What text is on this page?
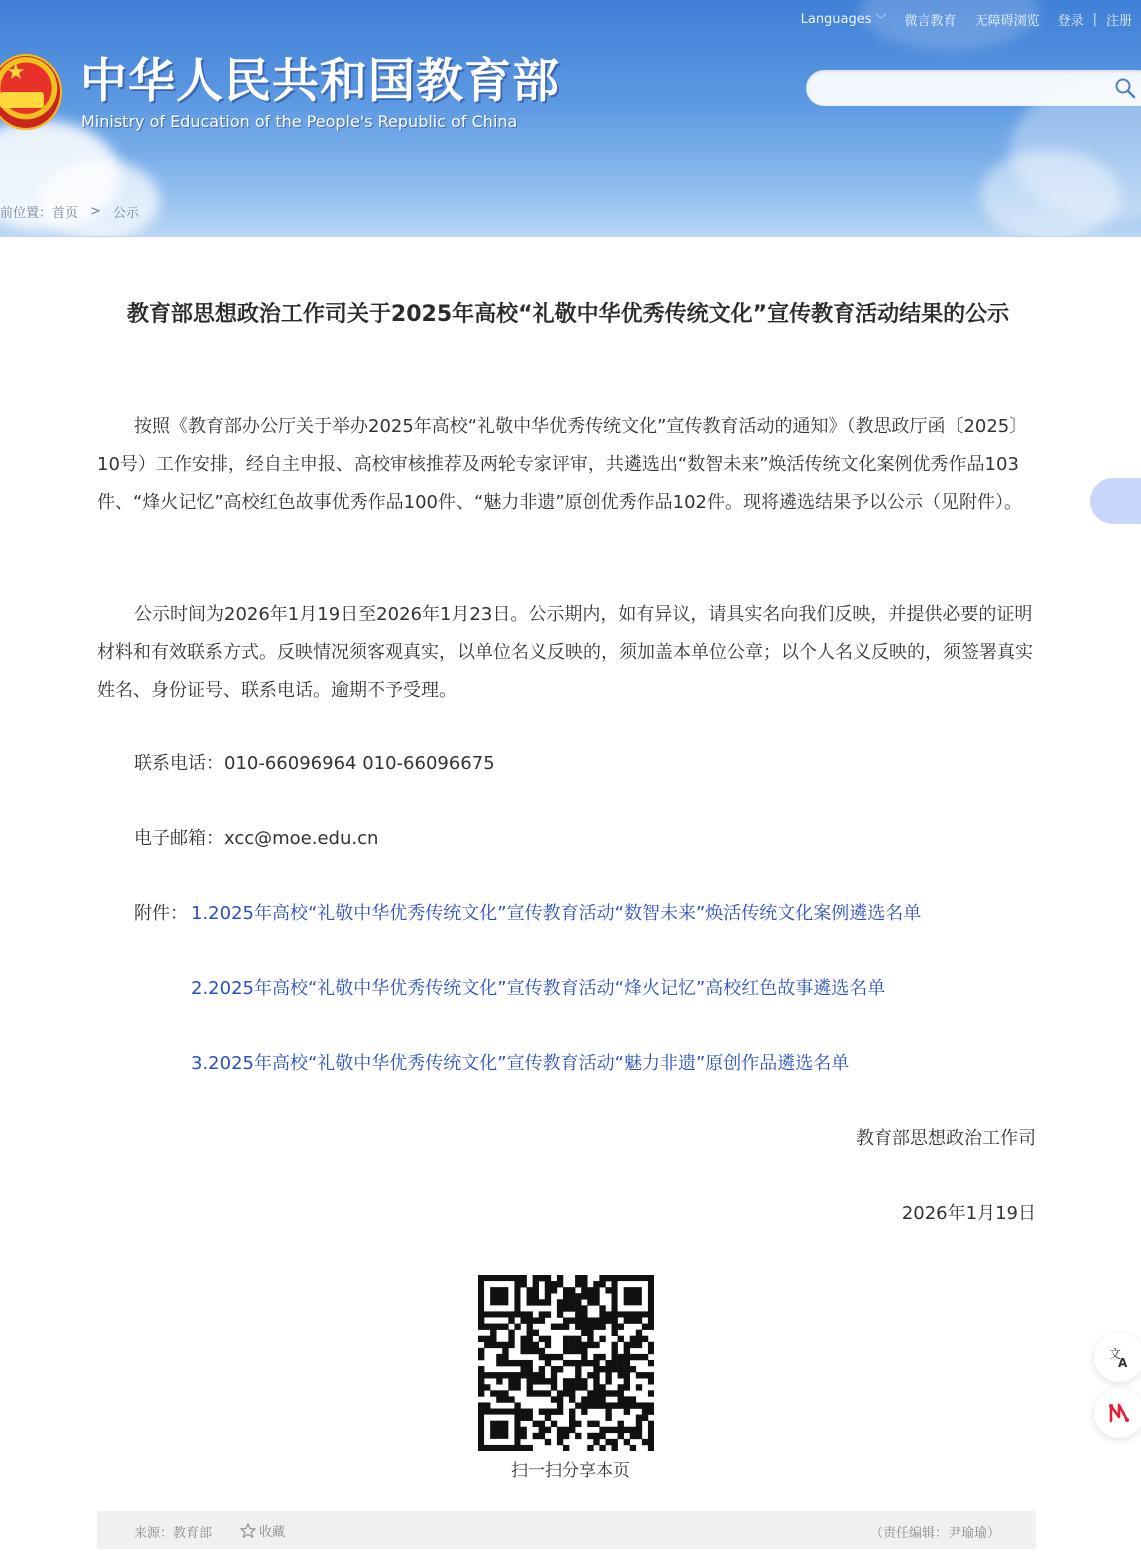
★ 中华人民共和国教育部
Ministry of Education of the People's Republic of China
Languages ﹀ 微言教育 无障碍浏览 登录 | 注册
前位置： 首页 > 公示
教育部思想政治工作司关于2025年高校“礼敬中华优秀传统文化”宣传教育活动结果的公示

按照《教育部办公厅关于举办2025年高校“礼敬中华优秀传统文化”宣传教育活动的通知》（教思政厅函〔2025〕10号）工作安排，经自主申报、高校审核推荐及两轮专家评审，共遴选出“数智未来”焕活传统文化案例优秀作品103件、“烽火记忆”高校红色故事优秀作品100件、“魅力非遗”原创优秀作品102件。现将遴选结果予以公示（见附件）。

公示时间为2026年1月19日至2026年1月23日。公示期内，如有异议，请具实名向我们反映，并提供必要的证明材料和有效联系方式。反映情况须客观真实，以单位名义反映的，须加盖本单位公章；以个人名义反映的，须签署真实姓名、身份证号、联系电话。逾期不予受理。

联系电话：010-66096964 010-66096675
电子邮箱：xcc@moe.edu.cn
附件： 1.2025年高校“礼敬中华优秀传统文化”宣传教育活动“数智未来”焕活传统文化案例遴选名单
2.2025年高校“礼敬中华优秀传统文化”宣传教育活动“烽火记忆”高校红色故事遴选名单
3.2025年高校“礼敬中华优秀传统文化”宣传教育活动“魅力非遗”原创作品遴选名单
教育部思想政治工作司
2026年1月19日
扫一扫分享本页
来源：教育部	收藏	（责任编辑：尹瑜瑜）
文
A
